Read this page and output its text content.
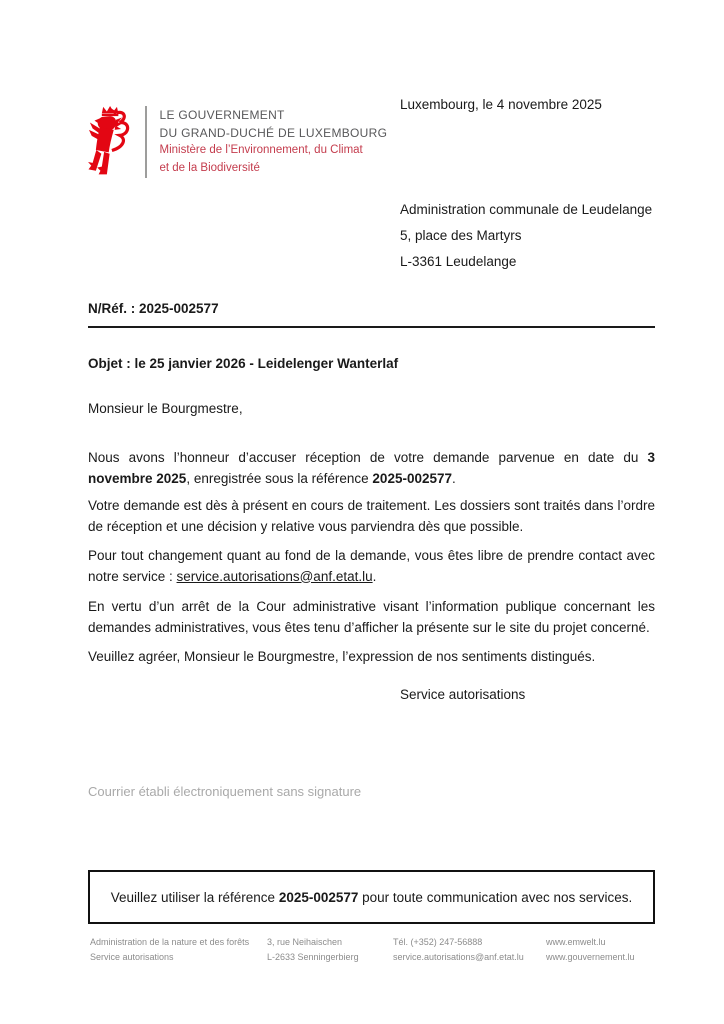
LE GOUVERNEMENT
DU GRAND-DUCHÉ DE LUXEMBOURG
Ministère de l’Environnement, du Climat
et de la Biodiversité
Luxembourg, le 4 novembre 2025
Administration communale de Leudelange
5, place des Martyrs
L-3361 Leudelange
N/Réf. : 2025-002577
Objet : le 25 janvier 2026 - Leidelenger Wanterlaf
Monsieur le Bourgmestre,

Nous avons l’honneur d’accuser réception de votre demande parvenue en date du 3 novembre 2025, enregistrée sous la référence 2025-002577.

Votre demande est dès à présent en cours de traitement. Les dossiers sont traités dans l’ordre de réception et une décision y relative vous parviendra dès que possible.

Pour tout changement quant au fond de la demande, vous êtes libre de prendre contact avec notre service : service.autorisations@anf.etat.lu.

En vertu d’un arrêt de la Cour administrative visant l’information publique concernant les demandes administratives, vous êtes tenu d’afficher la présente sur le site du projet concerné.

Veuillez agréer, Monsieur le Bourgmestre, l’expression de nos sentiments distingués.

Service autorisations
Courrier établi électroniquement sans signature
Veuillez utiliser la référence 2025-002577 pour toute communication avec nos services.
Administration de la nature et des forêts
Service autorisations
3, rue Neihaischen
L-2633 Senningerbierg
Tél. (+352) 247-56888
service.autorisations@anf.etat.lu
www.emwelt.lu
www.gouvernement.lu
